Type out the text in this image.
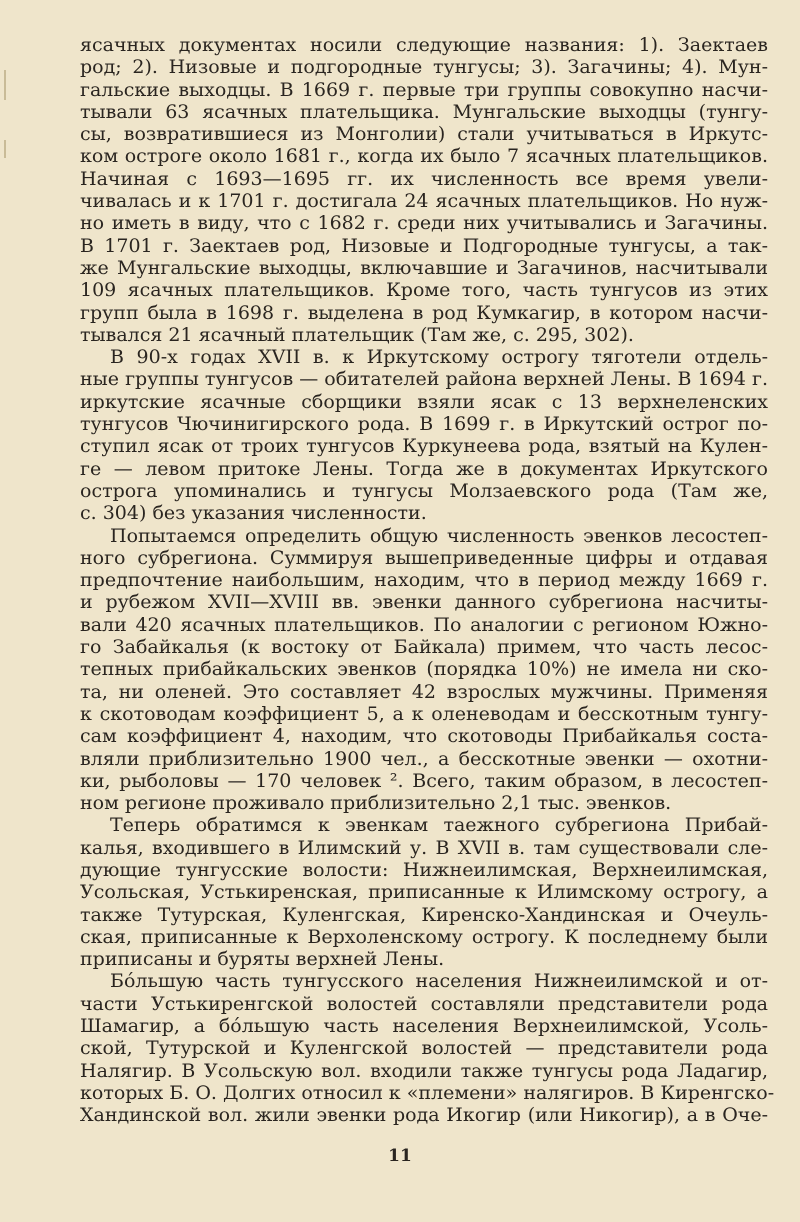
ясачных документах носили следующие названия: 1). Заектаев
род; 2). Низовые и подгородные тунгусы; 3). Загачины; 4). Мун-
гальские выходцы. В 1669 г. первые три группы совокупно насчи-
тывали 63 ясачных плательщика. Мунгальские выходцы (тунгу-
сы, возвратившиеся из Монголии) стали учитываться в Иркутс-
ком остроге около 1681 г., когда их было 7 ясачных плательщиков.
Начиная с 1693—1695 гг. их численность все время увели-
чивалась и к 1701 г. достигала 24 ясачных плательщиков. Но нуж-
но иметь в виду, что с 1682 г. среди них учитывались и Загачины.
В 1701 г. Заектаев род, Низовые и Подгородные тунгусы, а так-
же Мунгальские выходцы, включавшие и Загачинов, насчитывали
109 ясачных плательщиков. Кроме того, часть тунгусов из этих
групп была в 1698 г. выделена в род Кумкагир, в котором насчи-
тывался 21 ясачный плательщик (Там же, с. 295, 302).
В 90-х годах XVII в. к Иркутскому острогу тяготели отдель-
ные группы тунгусов — обитателей района верхней Лены. В 1694 г.
иркутские ясачные сборщики взяли ясак с 13 верхнеленских
тунгусов Чючинигирского рода. В 1699 г. в Иркутский острог по-
ступил ясак от троих тунгусов Куркунеева рода, взятый на Кулен-
ге — левом притоке Лены. Тогда же в документах Иркутского
острога упоминались и тунгусы Молзаевского рода (Там же,
с. 304) без указания численности.
Попытаемся определить общую численность эвенков лесостеп-
ного субрегиона. Суммируя вышеприведенные цифры и отдавая
предпочтение наибольшим, находим, что в период между 1669 г.
и рубежом XVII—XVIII вв. эвенки данного субрегиона насчиты-
вали 420 ясачных плательщиков. По аналогии с регионом Южно-
го Забайкалья (к востоку от Байкала) примем, что часть лесос-
тепных прибайкальских эвенков (порядка 10%) не имела ни ско-
та, ни оленей. Это составляет 42 взрослых мужчины. Применяя
к скотоводам коэффициент 5, а к оленеводам и бесскотным тунгу-
сам коэффициент 4, находим, что скотоводы Прибайкалья соста-
вляли приблизительно 1900 чел., а бесскотные эвенки — охотни-
ки, рыболовы — 170 человек ². Всего, таким образом, в лесостеп-
ном регионе проживало приблизительно 2,1 тыс. эвенков.
Теперь обратимся к эвенкам таежного субрегиона Прибай-
калья, входившего в Илимский у. В XVII в. там существовали сле-
дующие тунгусские волости: Нижнеилимская, Верхнеилимская,
Усольская, Устькиренская, приписанные к Илимскому острогу, а
также Тутурская, Куленгская, Киренско-Хандинская и Очеуль-
ская, приписанные к Верхоленскому острогу. К последнему были
приписаны и буряты верхней Лены.
Бо́льшую часть тунгусского населения Нижнеилимской и от-
части Устькиренгской волостей составляли представители рода
Шамагир, а бо́льшую часть населения Верхнеилимской, Усоль-
ской, Тутурской и Куленгской волостей — представители рода
Налягир. В Усольскую вол. входили также тунгусы рода Ладагир,
которых Б. О. Долгих относил к «племени» налягиров. В Киренгско-
Хандинской вол. жили эвенки рода Икогир (или Никогир), а в Оче-
11
